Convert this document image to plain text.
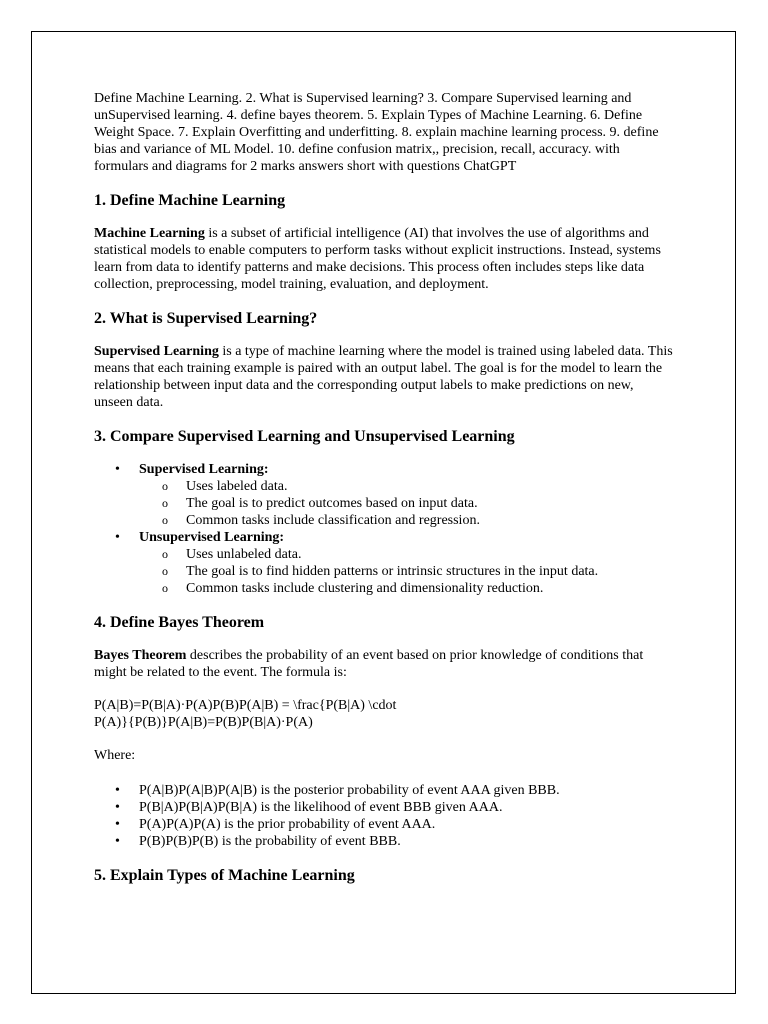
Define Machine Learning. 2. What is Supervised learning? 3. Compare Supervised learning and unSupervised learning. 4. define bayes theorem. 5. Explain Types of Machine Learning. 6. Define Weight Space. 7. Explain Overfitting and underfitting. 8. explain machine learning process. 9. define bias and variance of ML Model. 10. define confusion matrix,, precision, recall, accuracy. with formulars and diagrams for 2 marks answers short with questions ChatGPT

1. Define Machine Learning

Machine Learning is a subset of artificial intelligence (AI) that involves the use of algorithms and statistical models to enable computers to perform tasks without explicit instructions. Instead, systems learn from data to identify patterns and make decisions. This process often includes steps like data collection, preprocessing, model training, evaluation, and deployment.

2. What is Supervised Learning?

Supervised Learning is a type of machine learning where the model is trained using labeled data. This means that each training example is paired with an output label. The goal is for the model to learn the relationship between input data and the corresponding output labels to make predictions on new, unseen data.

3. Compare Supervised Learning and Unsupervised Learning
• Supervised Learning:
o Uses labeled data.
o The goal is to predict outcomes based on input data.
o Common tasks include classification and regression.
• Unsupervised Learning:
o Uses unlabeled data.
o The goal is to find hidden patterns or intrinsic structures in the input data.
o Common tasks include clustering and dimensionality reduction.
4. Define Bayes Theorem

Bayes Theorem describes the probability of an event based on prior knowledge of conditions that might be related to the event. The formula is:

P(A|B)=P(B|A)·P(A)P(B)P(A|B) = \frac{P(B|A) \cdot
P(A)}{P(B)}P(A|B)=P(B)P(B|A)·P(A)

Where:

• P(A|B)P(A|B)P(A|B) is the posterior probability of event AAA given BBB.
• P(B|A)P(B|A)P(B|A) is the likelihood of event BBB given AAA.
• P(A)P(A)P(A) is the prior probability of event AAA.
• P(B)P(B)P(B) is the probability of event BBB.
5. Explain Types of Machine Learning
